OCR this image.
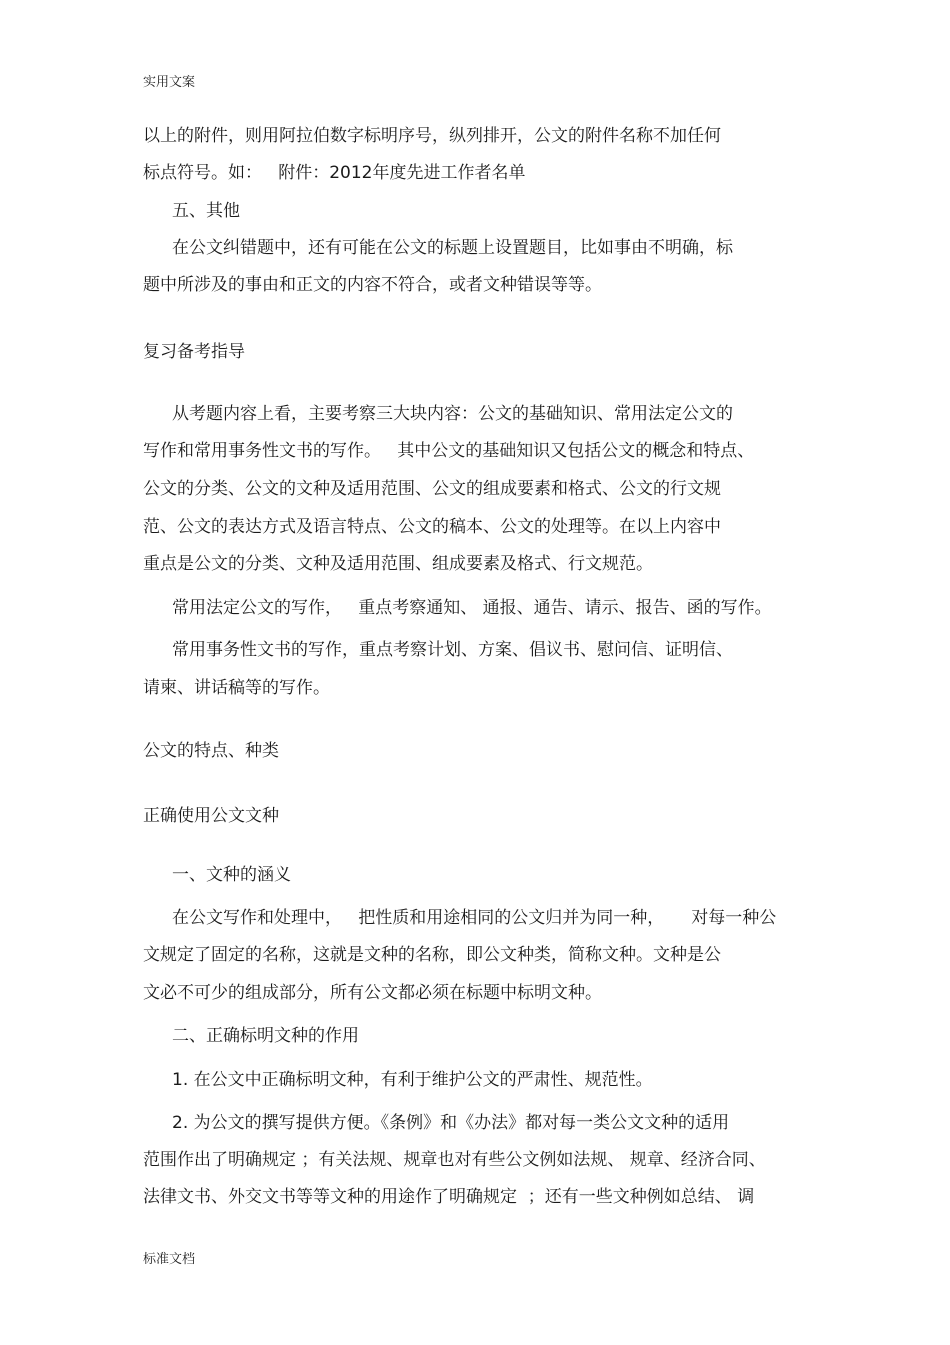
实用文案
以上的附件，则用阿拉伯数字标明序号，纵列排开，公文的附件名称不加任何
标点符号。如：   附件：2012年度先进工作者名单
五、其他
在公文纠错题中，还有可能在公文的标题上设置题目，比如事由不明确，标
题中所涉及的事由和正文的内容不符合，或者文种错误等等。
复习备考指导
从考题内容上看，主要考察三大块内容：公文的基础知识、常用法定公文的
写作和常用事务性文书的写作。   其中公文的基础知识又包括公文的概念和特点、
公文的分类、公文的文种及适用范围、公文的组成要素和格式、公文的行文规
范、公文的表达方式及语言特点、公文的稿本、公文的处理等。在以上内容中
重点是公文的分类、文种及适用范围、组成要素及格式、行文规范。
常用法定公文的写作，   重点考察通知、 通报、通告、请示、报告、函的写作。
常用事务性文书的写作，重点考察计划、方案、倡议书、慰问信、证明信、
请柬、讲话稿等的写作。
公文的特点、种类
正确使用公文文种
一、文种的涵义
在公文写作和处理中，   把性质和用途相同的公文归并为同一种，     对每一种公
文规定了固定的名称，这就是文种的名称，即公文种类，简称文种。文种是公
文必不可少的组成部分，所有公文都必须在标题中标明文种。
二、正确标明文种的作用
1. 在公文中正确标明文种，有利于维护公文的严肃性、规范性。
2. 为公文的撰写提供方便。《条例》和《办法》都对每一类公文文种的适用
范围作出了明确规定 ；有关法规、规章也对有些公文例如法规、 规章、经济合同、
法律文书、外交文书等等文种的用途作了明确规定  ；还有一些文种例如总结、 调
标准文档
